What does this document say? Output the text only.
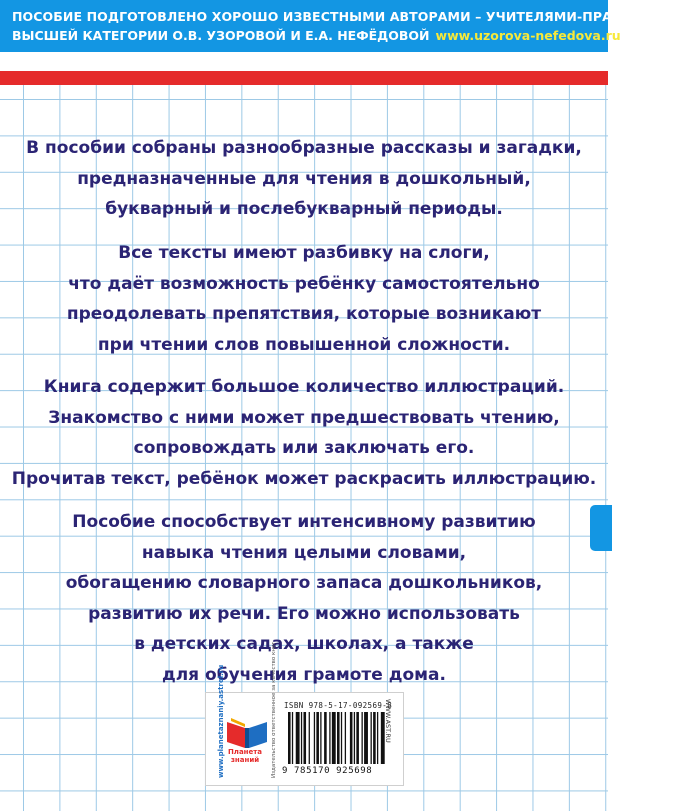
ПОСОБИЕ ПОДГОТОВЛЕНО ХОРОШО ИЗВЕСТНЫМИ АВТОРАМИ – УЧИТЕЛЯМИ-ПРАКТИКАМИ
ВЫСШЕЙ КАТЕГОРИИ О.В. УЗОРОВОЙ И Е.А. НЕФЁДОВОЙ www.uzorova-nefedova.ru
В пособии собраны разнообразные рассказы и загадки,
предназначенные для чтения в дошкольный,
букварный и послебукварный периоды.
Все тексты имеют разбивку на слоги,
что даёт возможность ребёнку самостоятельно
преодолевать препятствия, которые возникают
при чтении слов повышенной сложности.
Книга содержит большое количество иллюстраций.
Знакомство с ними может предшествовать чтению,
сопровождать или заключать его.
Прочитав текст, ребёнок может раскрасить иллюстрацию.
Пособие способствует интенсивному развитию
навыка чтения целыми словами,
обогащению словарного запаса дошкольников,
развитию их речи. Его можно использовать
в детских садах, школах, а также
для обучения грамоте дома.
www.planetaznaniy.astrel.ru Планета знаний	Издательство ответственное за качество книг ISBN 978-5-17-092569-8
9 785170 925698
WWW.AST.RU
